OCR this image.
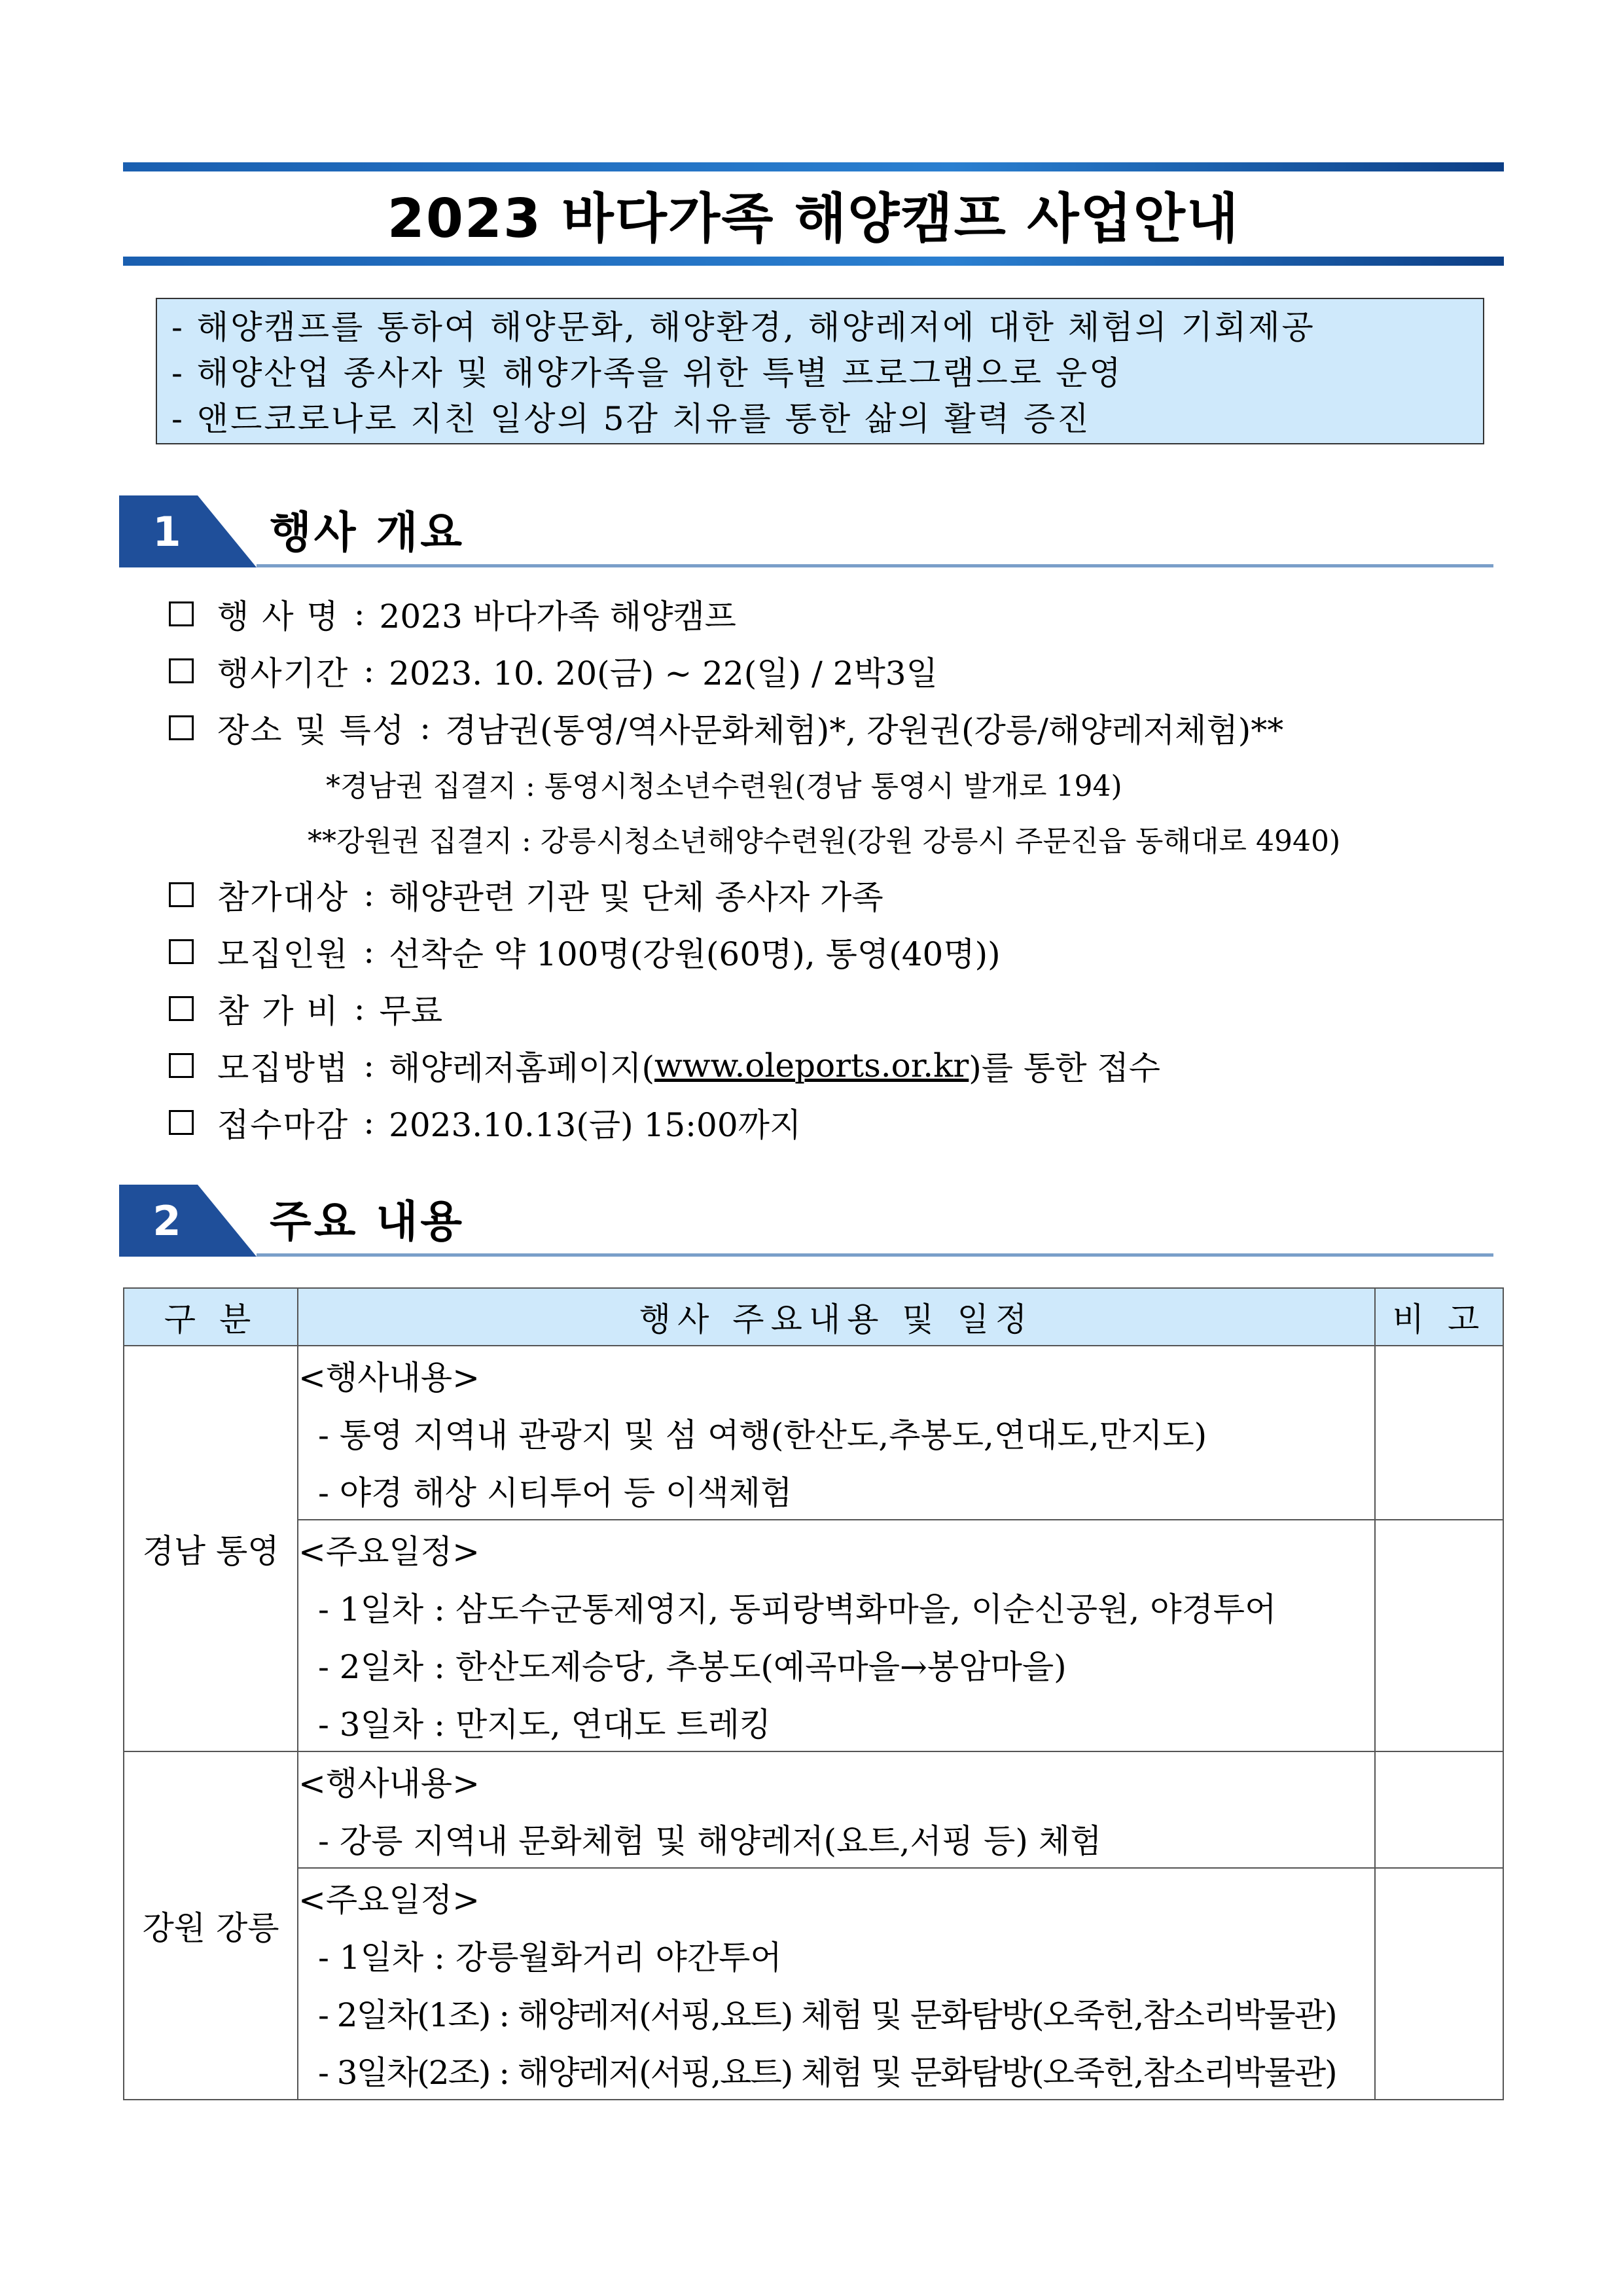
2023 바다가족 해양캠프 사업안내
- 해양캠프를 통하여 해양문화, 해양환경, 해양레저에 대한 체험의 기회제공
- 해양산업 종사자 및 해양가족을 위한 특별 프로그램으로 운영
- 앤드코로나로 지친 일상의 5감 치유를 통한 삶의 활력 증진
1	행사 개요
행 사 명 : 2023 바다가족 해양캠프
행사기간 : 2023. 10. 20(금) ~ 22(일) / 2박3일
장소 및 특성 : 경남권(통영/역사문화체험)*, 강원권(강릉/해양레저체험)**
*경남권 집결지 : 통영시청소년수련원(경남 통영시 발개로 194)
**강원권 집결지 : 강릉시청소년해양수련원(강원 강릉시 주문진읍 동해대로 4940)
참가대상 : 해양관련 기관 및 단체 종사자 가족
모집인원 : 선착순 약 100명(강원(60명), 통영(40명))
참 가 비 : 무료
모집방법 : 해양레저홈페이지( www.oleports.or.kr )를 통한 접수
접수마감 : 2023.10.13(금) 15:00까지
2	주요 내용
구 분	행사 주요내용 및 일정	비 고
경남 통영	<행사내용>
- 통영 지역내 관광지 및 섬 여행(한산도,추봉도,연대도,만지도)
- 야경 해상 시티투어 등 이색체험	

<주요일정>
- 1일차 : 삼도수군통제영지, 동피랑벽화마을, 이순신공원, 야경투어
- 2일차 : 한산도제승당, 추봉도(예곡마을→봉암마을)
- 3일차 : 만지도, 연대도 트레킹	

강원 강릉	<행사내용>
- 강릉 지역내 문화체험 및 해양레저(요트,서핑 등) 체험	

<주요일정>
- 1일차 : 강릉월화거리 야간투어
- 2일차(1조) : 해양레저(서핑,요트) 체험 및 문화탐방(오죽헌,참소리박물관)
- 3일차(2조) : 해양레저(서핑,요트) 체험 및 문화탐방(오죽헌,참소리박물관)	
